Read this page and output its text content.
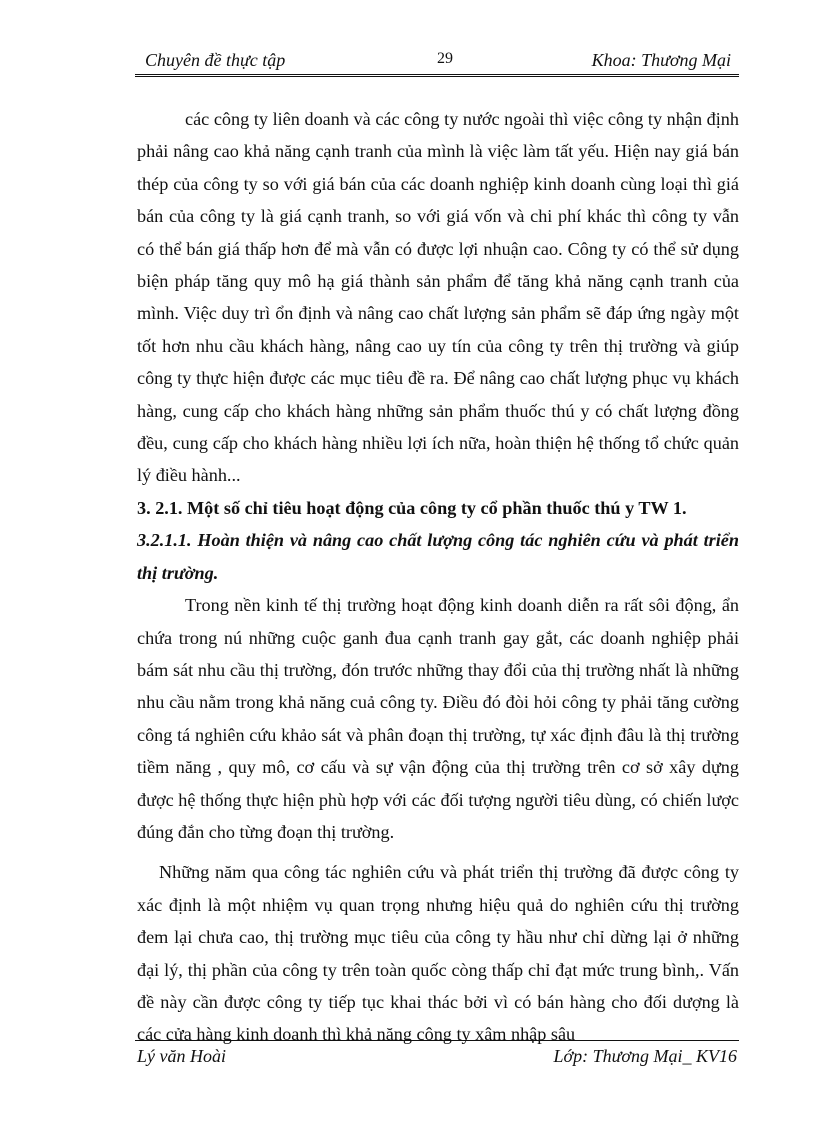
Chuyên đề thực tập	29	Khoa: Thương Mại

các công ty liên doanh và các công ty nước ngoài thì việc công ty nhận định phải nâng cao khả năng cạnh tranh của mình là việc làm tất yếu. Hiện nay giá bán thép của công ty so với giá bán của các doanh nghiệp kinh doanh cùng loại thì giá bán của công ty là giá cạnh tranh, so với giá vốn và chi phí khác thì công ty vẫn có thể bán giá thấp hơn để mà vẫn có được lợi nhuận cao. Công ty có thể sử dụng biện pháp tăng quy mô hạ giá thành sản phẩm để tăng khả năng cạnh tranh của mình. Việc duy trì ổn định và nâng cao chất lượng sản phẩm sẽ đáp ứng ngày một tốt hơn nhu cầu khách hàng, nâng cao uy tín của công ty trên thị trường và giúp công ty thực hiện được các mục tiêu đề ra. Để nâng cao chất lượng phục vụ khách hàng, cung cấp cho khách hàng những sản phẩm thuốc thú y có chất lượng đồng đều, cung cấp cho khách hàng nhiều lợi ích nữa, hoàn thiện hệ thống tổ chức quản lý điều hành...

3. 2.1. Một số chỉ tiêu hoạt động của công ty cổ phần thuốc thú y TW 1.

3.2.1.1. Hoàn thiện và nâng cao chất lượng công tác nghiên cứu và phát triển thị trường.

Trong nền kinh tế thị trường hoạt động kinh doanh diễn ra rất sôi động, ẩn chứa trong nú những cuộc ganh đua cạnh tranh gay gắt, các doanh nghiệp phải bám sát nhu cầu thị trường, đón trước những thay đổi của thị trường nhất là những nhu cầu nằm trong khả năng cuả công ty. Điều đó đòi hỏi công ty phải tăng cường công tá nghiên cứu khảo sát và phân đoạn thị trường, tự xác định đâu là thị trường tiềm năng , quy mô, cơ cấu và sự vận động của thị trường trên cơ sở xây dựng được hệ thống thực hiện phù hợp với các đối tượng người tiêu dùng, có chiến lược đúng đắn cho từng đoạn thị trường.

Những năm qua công tác nghiên cứu và phát triển thị trường đã được công ty xác định là một nhiệm vụ quan trọng nhưng hiệu quả do nghiên cứu thị trường đem lại chưa cao, thị trường mục tiêu của công ty hầu như chỉ dừng lại ở những đại lý, thị phần của công ty trên toàn quốc còng thấp chỉ đạt mức trung bình,. Vấn đề này cần được công ty tiếp tục khai thác bởi vì có bán hàng cho đối dượng là các cửa hàng kinh doanh thì khả năng công ty xâm nhập sâu

Lý văn Hoài	Lớp: Thương Mại_ KV16
